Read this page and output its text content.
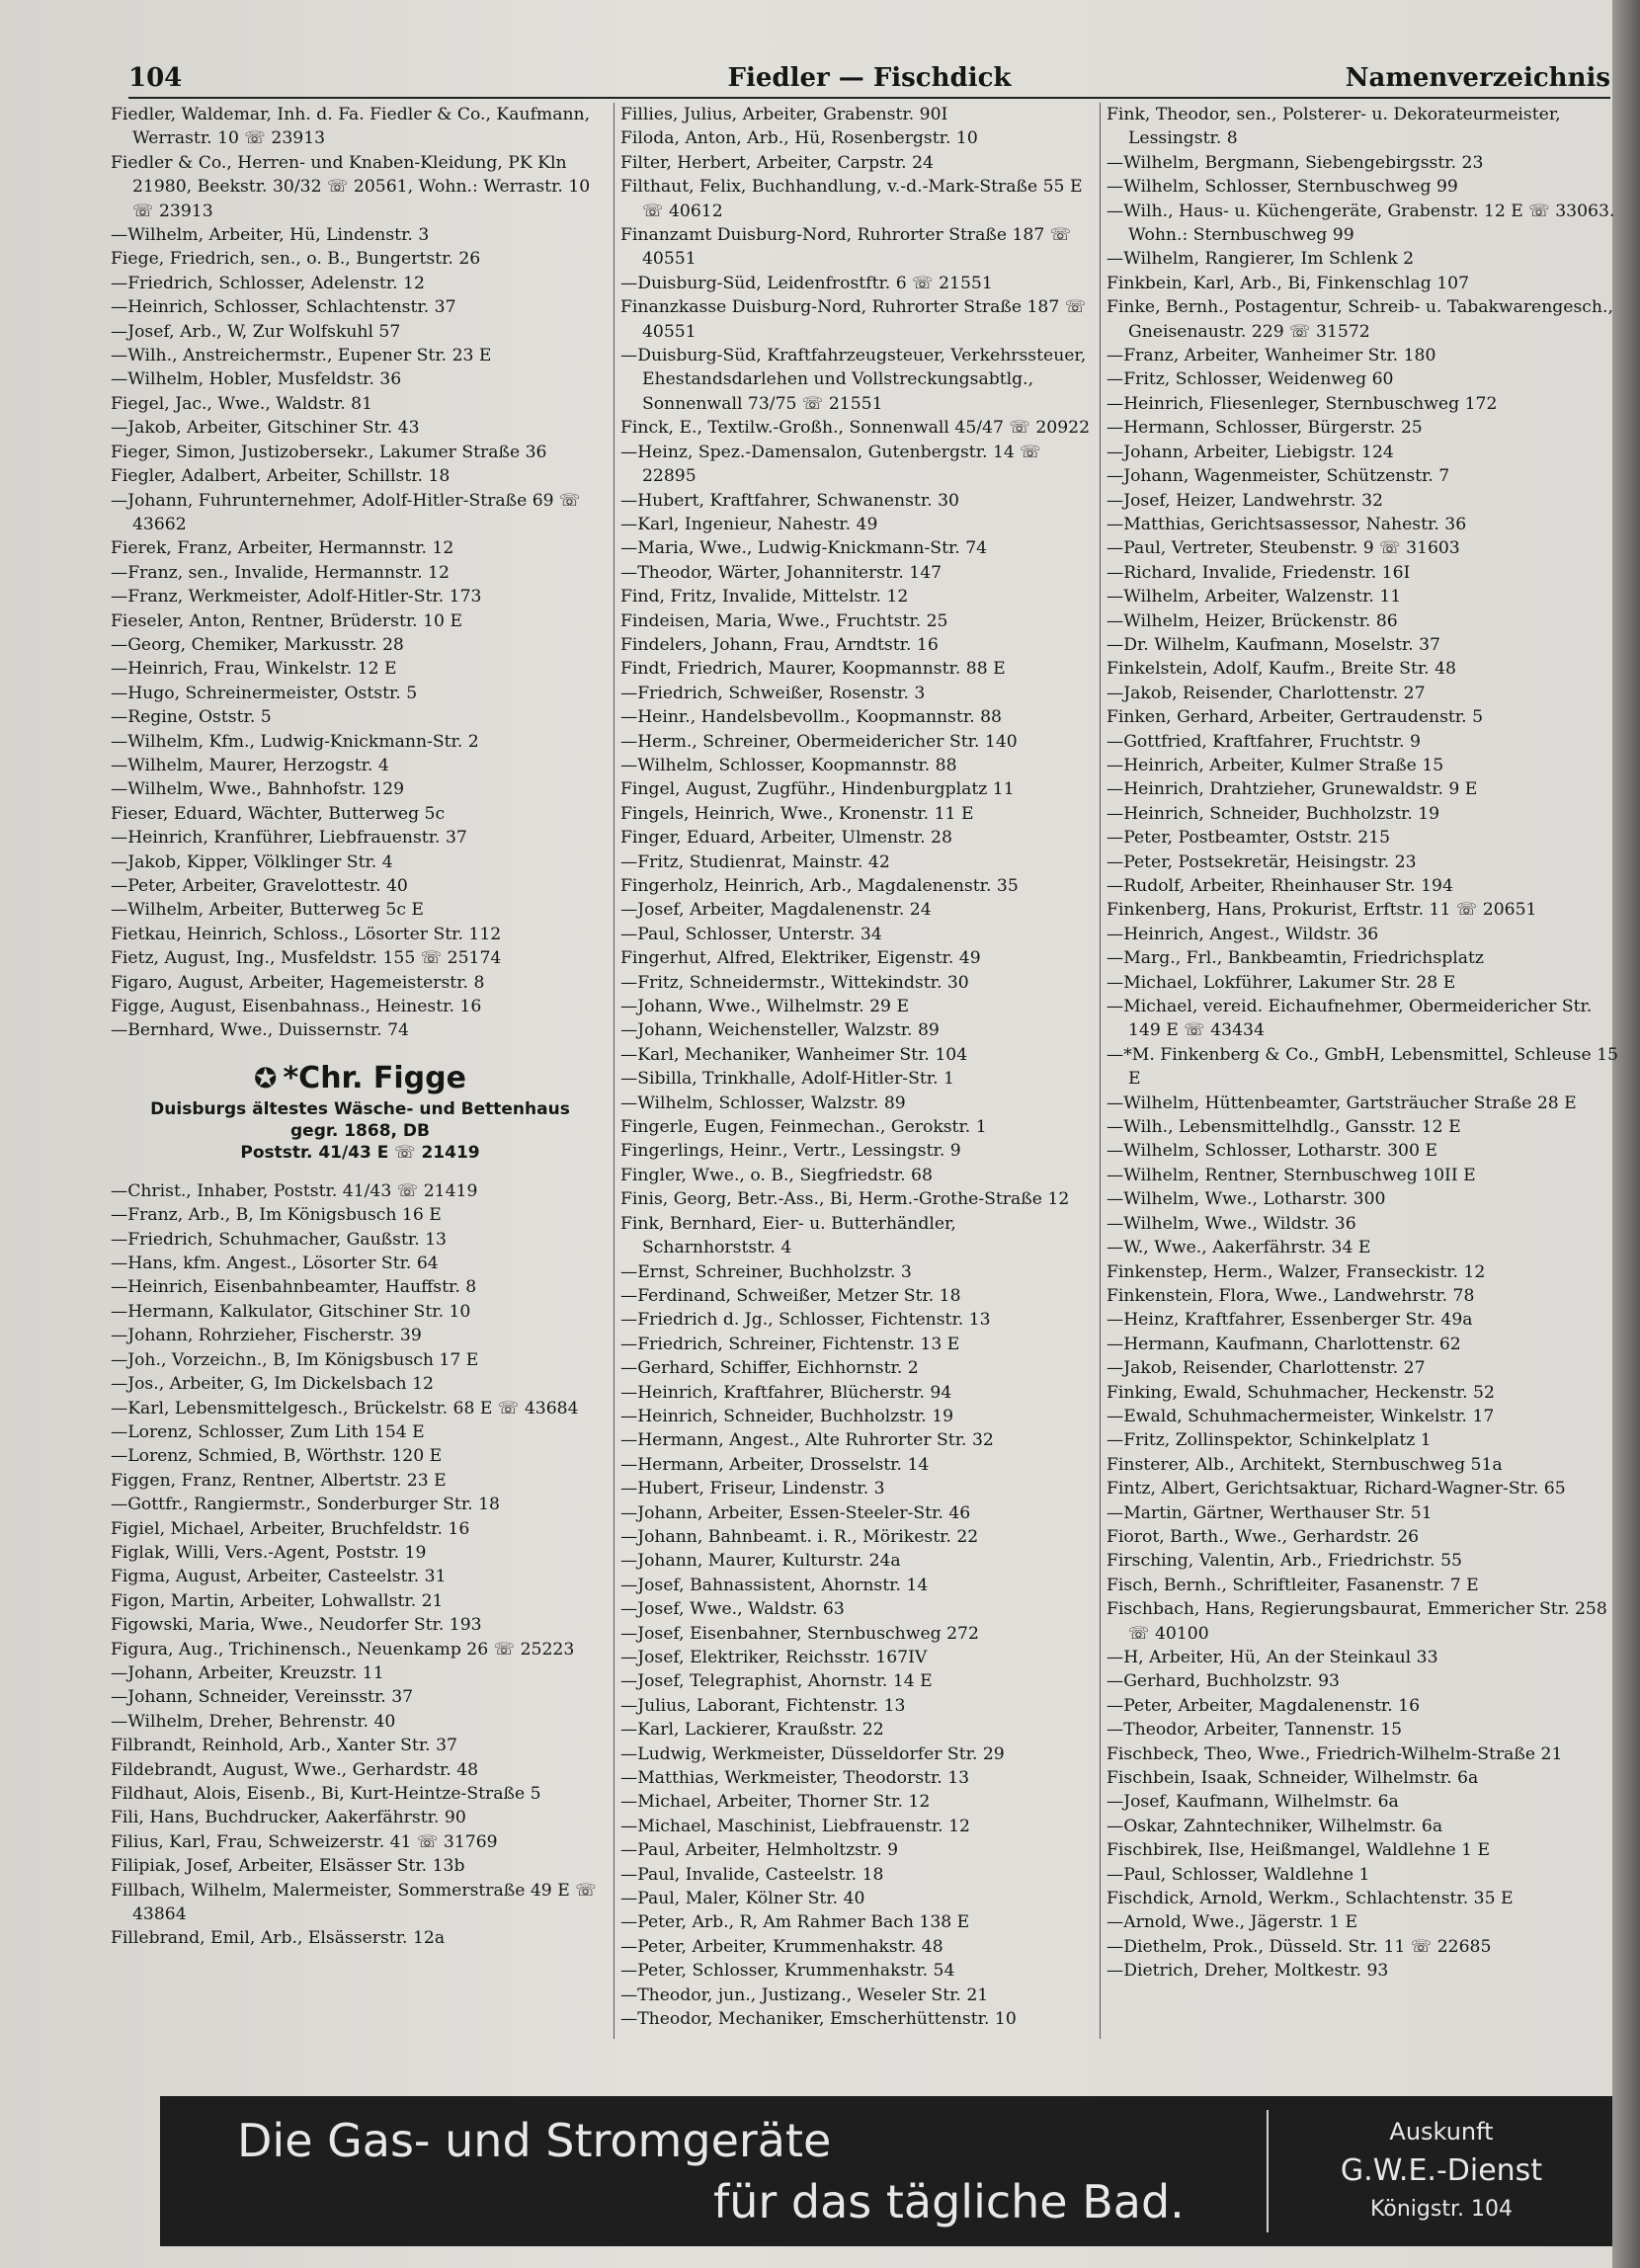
104	Fiedler — Fischdick	Namenverzeichnis

Fiedler, Waldemar, Inh. d. Fa. Fiedler & Co., Kaufmann, Werrastr. 10 ☏ 23913

Fiedler & Co., Herren- und Knaben-Kleidung, PK Kln 21980, Beekstr. 30/32 ☏ 20561, Wohn.: Werrastr. 10 ☏ 23913

—Wilhelm, Arbeiter, Hü, Lindenstr. 3

Fiege, Friedrich, sen., o. B., Bungertstr. 26

—Friedrich, Schlosser, Adelenstr. 12

—Heinrich, Schlosser, Schlachtenstr. 37

—Josef, Arb., W, Zur Wolfskuhl 57

—Wilh., Anstreichermstr., Eupener Str. 23 E

—Wilhelm, Hobler, Musfeldstr. 36

Fiegel, Jac., Wwe., Waldstr. 81

—Jakob, Arbeiter, Gitschiner Str. 43

Fieger, Simon, Justizobersekr., Lakumer Straße 36

Fiegler, Adalbert, Arbeiter, Schillstr. 18

—Johann, Fuhrunternehmer, Adolf-Hitler-Straße 69 ☏ 43662

Fierek, Franz, Arbeiter, Hermannstr. 12

—Franz, sen., Invalide, Hermannstr. 12

—Franz, Werkmeister, Adolf-Hitler-Str. 173

Fieseler, Anton, Rentner, Brüderstr. 10 E

—Georg, Chemiker, Markusstr. 28

—Heinrich, Frau, Winkelstr. 12 E

—Hugo, Schreinermeister, Oststr. 5

—Regine, Oststr. 5

—Wilhelm, Kfm., Ludwig-Knickmann-Str. 2

—Wilhelm, Maurer, Herzogstr. 4

—Wilhelm, Wwe., Bahnhofstr. 129

Fieser, Eduard, Wächter, Butterweg 5c

—Heinrich, Kranführer, Liebfrauenstr. 37

—Jakob, Kipper, Völklinger Str. 4

—Peter, Arbeiter, Gravelottestr. 40

—Wilhelm, Arbeiter, Butterweg 5c E

Fietkau, Heinrich, Schloss., Lösorter Str. 112

Fietz, August, Ing., Musfeldstr. 155 ☏ 25174

Figaro, August, Arbeiter, Hagemeisterstr. 8

Figge, August, Eisenbahnass., Heinestr. 16

—Bernhard, Wwe., Duissernstr. 74

✪ *Chr. Figge
Duisburgs ältestes Wäsche- und Bettenhaus
gegr. 1868, DB
Poststr. 41/43 E ☏ 21419

—Christ., Inhaber, Poststr. 41/43 ☏ 21419

—Franz, Arb., B, Im Königsbusch 16 E

—Friedrich, Schuhmacher, Gaußstr. 13

—Hans, kfm. Angest., Lösorter Str. 64

—Heinrich, Eisenbahnbeamter, Hauffstr. 8

—Hermann, Kalkulator, Gitschiner Str. 10

—Johann, Rohrzieher, Fischerstr. 39

—Joh., Vorzeichn., B, Im Königsbusch 17 E

—Jos., Arbeiter, G, Im Dickelsbach 12

—Karl, Lebensmittelgesch., Brückelstr. 68 E ☏ 43684

—Lorenz, Schlosser, Zum Lith 154 E

—Lorenz, Schmied, B, Wörthstr. 120 E

Figgen, Franz, Rentner, Albertstr. 23 E

—Gottfr., Rangiermstr., Sonderburger Str. 18

Figiel, Michael, Arbeiter, Bruchfeldstr. 16

Figlak, Willi, Vers.-Agent, Poststr. 19

Figma, August, Arbeiter, Casteelstr. 31

Figon, Martin, Arbeiter, Lohwallstr. 21

Figowski, Maria, Wwe., Neudorfer Str. 193

Figura, Aug., Trichinensch., Neuenkamp 26 ☏ 25223

—Johann, Arbeiter, Kreuzstr. 11

—Johann, Schneider, Vereinsstr. 37

—Wilhelm, Dreher, Behrenstr. 40

Filbrandt, Reinhold, Arb., Xanter Str. 37

Fildebrandt, August, Wwe., Gerhardstr. 48

Fildhaut, Alois, Eisenb., Bi, Kurt-Heintze-Straße 5

Fili, Hans, Buchdrucker, Aakerfährstr. 90

Filius, Karl, Frau, Schweizerstr. 41 ☏ 31769

Filipiak, Josef, Arbeiter, Elsässer Str. 13b

Fillbach, Wilhelm, Malermeister, Sommerstraße 49 E ☏ 43864

Fillebrand, Emil, Arb., Elsässerstr. 12a

Fillies, Julius, Arbeiter, Grabenstr. 90I

Filoda, Anton, Arb., Hü, Rosenbergstr. 10

Filter, Herbert, Arbeiter, Carpstr. 24

Filthaut, Felix, Buchhandlung, v.-d.-Mark-Straße 55 E ☏ 40612

Finanzamt Duisburg-Nord, Ruhrorter Straße 187 ☏ 40551

—Duisburg-Süd, Leidenfrostftr. 6 ☏ 21551

Finanzkasse Duisburg-Nord, Ruhrorter Straße 187 ☏ 40551

—Duisburg-Süd, Kraftfahrzeugsteuer, Verkehrssteuer, Ehestandsdarlehen und Vollstreckungsabtlg., Sonnenwall 73/75 ☏ 21551

Finck, E., Textilw.-Großh., Sonnenwall 45/47 ☏ 20922

—Heinz, Spez.-Damensalon, Gutenbergstr. 14 ☏ 22895

—Hubert, Kraftfahrer, Schwanenstr. 30

—Karl, Ingenieur, Nahestr. 49

—Maria, Wwe., Ludwig-Knickmann-Str. 74

—Theodor, Wärter, Johanniterstr. 147

Find, Fritz, Invalide, Mittelstr. 12

Findeisen, Maria, Wwe., Fruchtstr. 25

Findelers, Johann, Frau, Arndtstr. 16

Findt, Friedrich, Maurer, Koopmannstr. 88 E

—Friedrich, Schweißer, Rosenstr. 3

—Heinr., Handelsbevollm., Koopmannstr. 88

—Herm., Schreiner, Obermeidericher Str. 140

—Wilhelm, Schlosser, Koopmannstr. 88

Fingel, August, Zugführ., Hindenburgplatz 11

Fingels, Heinrich, Wwe., Kronenstr. 11 E

Finger, Eduard, Arbeiter, Ulmenstr. 28

—Fritz, Studienrat, Mainstr. 42

Fingerholz, Heinrich, Arb., Magdalenenstr. 35

—Josef, Arbeiter, Magdalenenstr. 24

—Paul, Schlosser, Unterstr. 34

Fingerhut, Alfred, Elektriker, Eigenstr. 49

—Fritz, Schneidermstr., Wittekindstr. 30

—Johann, Wwe., Wilhelmstr. 29 E

—Johann, Weichensteller, Walzstr. 89

—Karl, Mechaniker, Wanheimer Str. 104

—Sibilla, Trinkhalle, Adolf-Hitler-Str. 1

—Wilhelm, Schlosser, Walzstr. 89

Fingerle, Eugen, Feinmechan., Gerokstr. 1

Fingerlings, Heinr., Vertr., Lessingstr. 9

Fingler, Wwe., o. B., Siegfriedstr. 68

Finis, Georg, Betr.-Ass., Bi, Herm.-Grothe-Straße 12

Fink, Bernhard, Eier- u. Butterhändler, Scharnhorststr. 4

—Ernst, Schreiner, Buchholzstr. 3

—Ferdinand, Schweißer, Metzer Str. 18

—Friedrich d. Jg., Schlosser, Fichtenstr. 13

—Friedrich, Schreiner, Fichtenstr. 13 E

—Gerhard, Schiffer, Eichhornstr. 2

—Heinrich, Kraftfahrer, Blücherstr. 94

—Heinrich, Schneider, Buchholzstr. 19

—Hermann, Angest., Alte Ruhrorter Str. 32

—Hermann, Arbeiter, Drosselstr. 14

—Hubert, Friseur, Lindenstr. 3

—Johann, Arbeiter, Essen-Steeler-Str. 46

—Johann, Bahnbeamt. i. R., Mörikestr. 22

—Johann, Maurer, Kulturstr. 24a

—Josef, Bahnassistent, Ahornstr. 14

—Josef, Wwe., Waldstr. 63

—Josef, Eisenbahner, Sternbuschweg 272

—Josef, Elektriker, Reichsstr. 167IV

—Josef, Telegraphist, Ahornstr. 14 E

—Julius, Laborant, Fichtenstr. 13

—Karl, Lackierer, Kraußstr. 22

—Ludwig, Werkmeister, Düsseldorfer Str. 29

—Matthias, Werkmeister, Theodorstr. 13

—Michael, Arbeiter, Thorner Str. 12

—Michael, Maschinist, Liebfrauenstr. 12

—Paul, Arbeiter, Helmholtzstr. 9

—Paul, Invalide, Casteelstr. 18

—Paul, Maler, Kölner Str. 40

—Peter, Arb., R, Am Rahmer Bach 138 E

—Peter, Arbeiter, Krummenhakstr. 48

—Peter, Schlosser, Krummenhakstr. 54

—Theodor, jun., Justizang., Weseler Str. 21

—Theodor, Mechaniker, Emscherhüttenstr. 10

Fink, Theodor, sen., Polsterer- u. Dekorateurmeister, Lessingstr. 8

—Wilhelm, Bergmann, Siebengebirgsstr. 23

—Wilhelm, Schlosser, Sternbuschweg 99

—Wilh., Haus- u. Küchengeräte, Grabenstr. 12 E ☏ 33063. Wohn.: Sternbuschweg 99

—Wilhelm, Rangierer, Im Schlenk 2

Finkbein, Karl, Arb., Bi, Finkenschlag 107

Finke, Bernh., Postagentur, Schreib- u. Tabakwarengesch., Gneisenaustr. 229 ☏ 31572

—Franz, Arbeiter, Wanheimer Str. 180

—Fritz, Schlosser, Weidenweg 60

—Heinrich, Fliesenleger, Sternbuschweg 172

—Hermann, Schlosser, Bürgerstr. 25

—Johann, Arbeiter, Liebigstr. 124

—Johann, Wagenmeister, Schützenstr. 7

—Josef, Heizer, Landwehrstr. 32

—Matthias, Gerichtsassessor, Nahestr. 36

—Paul, Vertreter, Steubenstr. 9 ☏ 31603

—Richard, Invalide, Friedenstr. 16I

—Wilhelm, Arbeiter, Walzenstr. 11

—Wilhelm, Heizer, Brückenstr. 86

—Dr. Wilhelm, Kaufmann, Moselstr. 37

Finkelstein, Adolf, Kaufm., Breite Str. 48

—Jakob, Reisender, Charlottenstr. 27

Finken, Gerhard, Arbeiter, Gertraudenstr. 5

—Gottfried, Kraftfahrer, Fruchtstr. 9

—Heinrich, Arbeiter, Kulmer Straße 15

—Heinrich, Drahtzieher, Grunewaldstr. 9 E

—Heinrich, Schneider, Buchholzstr. 19

—Peter, Postbeamter, Oststr. 215

—Peter, Postsekretär, Heisingstr. 23

—Rudolf, Arbeiter, Rheinhauser Str. 194

Finkenberg, Hans, Prokurist, Erftstr. 11 ☏ 20651

—Heinrich, Angest., Wildstr. 36

—Marg., Frl., Bankbeamtin, Friedrichsplatz

—Michael, Lokführer, Lakumer Str. 28 E

—Michael, vereid. Eichaufnehmer, Obermeidericher Str. 149 E ☏ 43434

—*M. Finkenberg & Co., GmbH, Lebensmittel, Schleuse 15 E

—Wilhelm, Hüttenbeamter, Gartsträucher Straße 28 E

—Wilh., Lebensmittelhdlg., Gansstr. 12 E

—Wilhelm, Schlosser, Lotharstr. 300 E

—Wilhelm, Rentner, Sternbuschweg 10II E

—Wilhelm, Wwe., Lotharstr. 300

—Wilhelm, Wwe., Wildstr. 36

—W., Wwe., Aakerfährstr. 34 E

Finkenstep, Herm., Walzer, Franseckistr. 12

Finkenstein, Flora, Wwe., Landwehrstr. 78

—Heinz, Kraftfahrer, Essenberger Str. 49a

—Hermann, Kaufmann, Charlottenstr. 62

—Jakob, Reisender, Charlottenstr. 27

Finking, Ewald, Schuhmacher, Heckenstr. 52

—Ewald, Schuhmachermeister, Winkelstr. 17

—Fritz, Zollinspektor, Schinkelplatz 1

Finsterer, Alb., Architekt, Sternbuschweg 51a

Fintz, Albert, Gerichtsaktuar, Richard-Wagner-Str. 65

—Martin, Gärtner, Werthauser Str. 51

Fiorot, Barth., Wwe., Gerhardstr. 26

Firsching, Valentin, Arb., Friedrichstr. 55

Fisch, Bernh., Schriftleiter, Fasanenstr. 7 E

Fischbach, Hans, Regierungsbaurat, Emmericher Str. 258 ☏ 40100

—H, Arbeiter, Hü, An der Steinkaul 33

—Gerhard, Buchholzstr. 93

—Peter, Arbeiter, Magdalenenstr. 16

—Theodor, Arbeiter, Tannenstr. 15

Fischbeck, Theo, Wwe., Friedrich-Wilhelm-Straße 21

Fischbein, Isaak, Schneider, Wilhelmstr. 6a

—Josef, Kaufmann, Wilhelmstr. 6a

—Oskar, Zahntechniker, Wilhelmstr. 6a

Fischbirek, Ilse, Heißmangel, Waldlehne 1 E

—Paul, Schlosser, Waldlehne 1

Fischdick, Arnold, Werkm., Schlachtenstr. 35 E

—Arnold, Wwe., Jägerstr. 1 E

—Diethelm, Prok., Düsseld. Str. 11 ☏ 22685

—Dietrich, Dreher, Moltkestr. 93

Die Gas- und Stromgeräte
für das tägliche Bad.
Auskunft
G.W.E.-Dienst
Königstr. 104
